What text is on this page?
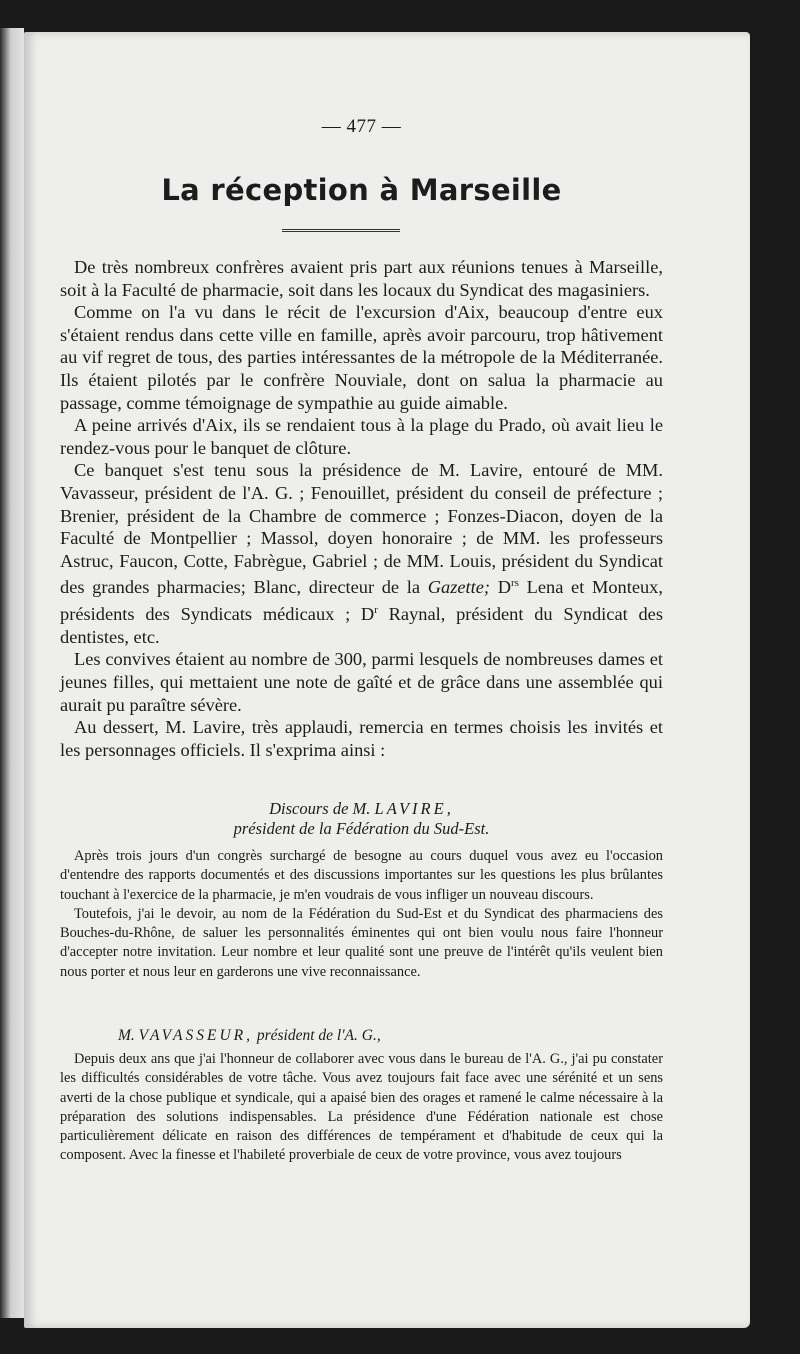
— 477 —
La réception à Marseille

De très nombreux confrères avaient pris part aux réunions tenues à Marseille, soit à la Faculté de pharmacie, soit dans les locaux du Syndicat des magasiniers.

Comme on l'a vu dans le récit de l'excursion d'Aix, beaucoup d'entre eux s'étaient rendus dans cette ville en famille, après avoir parcouru, trop hâtivement au vif regret de tous, des parties intéressantes de la métropole de la Méditerranée. Ils étaient pilotés par le confrère Nouviale, dont on salua la pharmacie au passage, comme témoignage de sympathie au guide aimable.

A peine arrivés d'Aix, ils se rendaient tous à la plage du Prado, où avait lieu le rendez-vous pour le banquet de clôture.

Ce banquet s'est tenu sous la présidence de M. Lavire, entouré de MM. Vavasseur, président de l'A. G. ; Fenouillet, président du conseil de préfecture ; Brenier, président de la Chambre de commerce ; Fonzes-Diacon, doyen de la Faculté de Montpellier ; Massol, doyen honoraire ; de MM. les professeurs Astruc, Faucon, Cotte, Fabrègue, Gabriel ; de MM. Louis, président du Syndicat des grandes pharmacies; Blanc, directeur de la Gazette; $D^{rs}$ Lena et Monteux, présidents des Syndicats médicaux ; $D^r$ Raynal, président du Syndicat des dentistes, etc.

Les convives étaient au nombre de 300, parmi lesquels de nombreuses dames et jeunes filles, qui mettaient une note de gaîté et de grâce dans une assemblée qui aurait pu paraître sévère.

Au dessert, M. Lavire, très applaudi, remercia en termes choisis les invités et les personnages officiels. Il s'exprima ainsi :

Discours de M. LAVIRE,
président de la Fédération du Sud-Est.

Après trois jours d'un congrès surchargé de besogne au cours duquel vous avez eu l'occasion d'entendre des rapports documentés et des discussions importantes sur les questions les plus brûlantes touchant à l'exercice de la pharmacie, je m'en voudrais de vous infliger un nouveau discours.

Toutefois, j'ai le devoir, au nom de la Fédération du Sud-Est et du Syndicat des pharmaciens des Bouches-du-Rhône, de saluer les personnalités éminentes qui ont bien voulu nous faire l'honneur d'accepter notre invitation. Leur nombre et leur qualité sont une preuve de l'intérêt qu'ils veulent bien nous porter et nous leur en garderons une vive reconnaissance.

M. VAVASSEUR, président de l'A. G.,

Depuis deux ans que j'ai l'honneur de collaborer avec vous dans le bureau de l'A. G., j'ai pu constater les difficultés considérables de votre tâche. Vous avez toujours fait face avec une sérénité et un sens averti de la chose publique et syndicale, qui a apaisé bien des orages et ramené le calme nécessaire à la préparation des solutions indispensables. La présidence d'une Fédération nationale est chose particulièrement délicate en raison des différences de tempérament et d'habitude de ceux qui la composent. Avec la finesse et l'habileté proverbiale de ceux de votre province, vous avez toujours
